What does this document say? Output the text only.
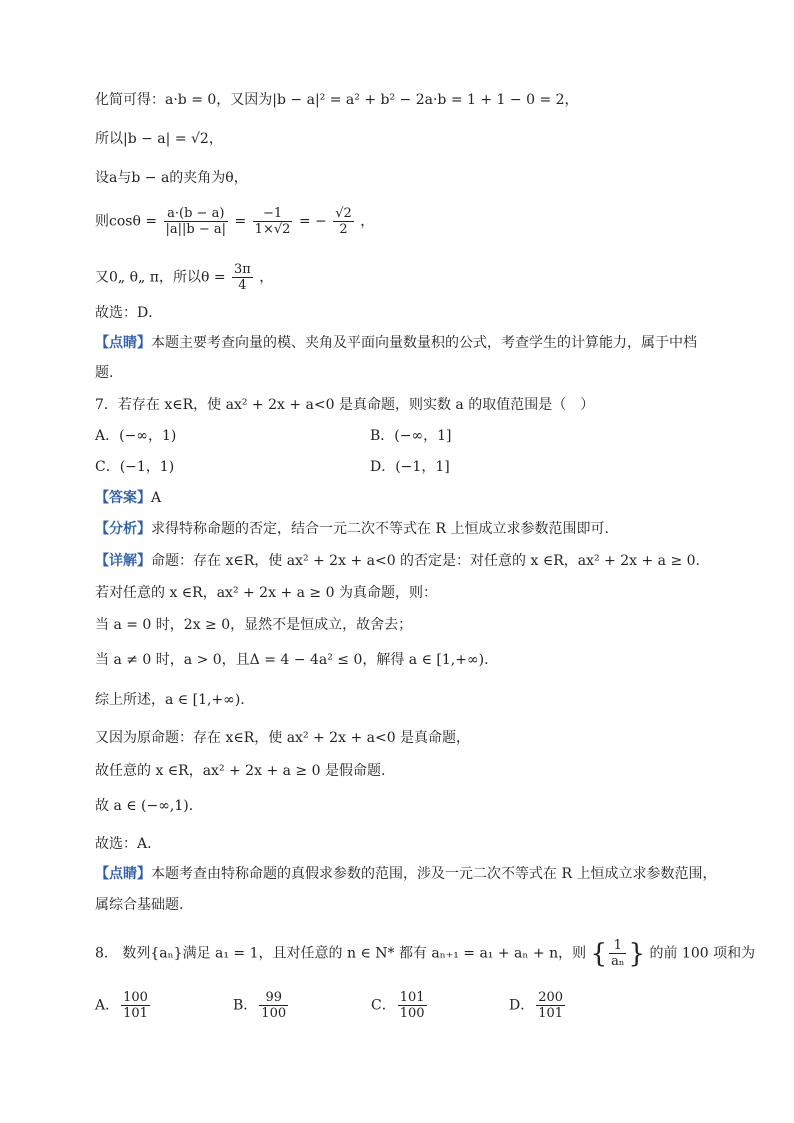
化简可得：a·b = 0，又因为|b − a|² = a² + b² − 2a·b = 1 + 1 − 0 = 2，
所以|b − a| = √2，
设a与b − a的夹角为θ，
则$\cos\theta = \frac{a\cdot(b - a)}{|a||b - a|} = \frac{-1}{1\times√2}$ = − $\frac{√2}{2}$ ，
又0„ θ„ π，所以$\theta = \frac{3\pi}{4}$ ，
故选：D．
【点睛】本题主要考查向量的模、夹角及平面向量数量积的公式，考查学生的计算能力，属于中档
题.
7．若存在 x∈R，使 ax² + 2x + a<0 是真命题，则实数 a 的取值范围是（　）
A．(−∞，1)	B．(−∞，1]
C．(−1，1)	D．(−1，1]
【答案】A
【分析】求得特称命题的否定，结合一元二次不等式在 R 上恒成立求参数范围即可.
【详解】命题：存在 x∈R，使 ax² + 2x + a<0 的否定是：对任意的 x ∈R，ax² + 2x + a ≥ 0.
若对任意的 x ∈R，ax² + 2x + a ≥ 0 为真命题，则：
当 a = 0 时，2x ≥ 0，显然不是恒成立，故舍去；
当 a ≠ 0 时，a > 0，且Δ = 4 − 4a² ≤ 0，解得 a ∈ [1,+∞).
综上所述，a ∈ [1,+∞).
又因为原命题：存在 x∈R，使 ax² + 2x + a<0 是真命题，
故任意的 x ∈R，ax² + 2x + a ≥ 0 是假命题.
故 a ∈ (−∞,1).
故选：A．
【点睛】本题考查由特称命题的真假求参数的范围，涉及一元二次不等式在 R 上恒成立求参数范围，
属综合基础题.
8． 数列{aₙ}满足 a₁ = 1，且对任意的 n ∈ N* 都有 aₙ₊₁ = a₁ + aₙ + n，则 { $\frac{1}{\text{aₙ}}$ } 的前 100 项和为
A． $\frac{100}{101}$	B． $\frac{99}{100}$	C． $\frac{101}{100}$	D． $\frac{200}{101}$
